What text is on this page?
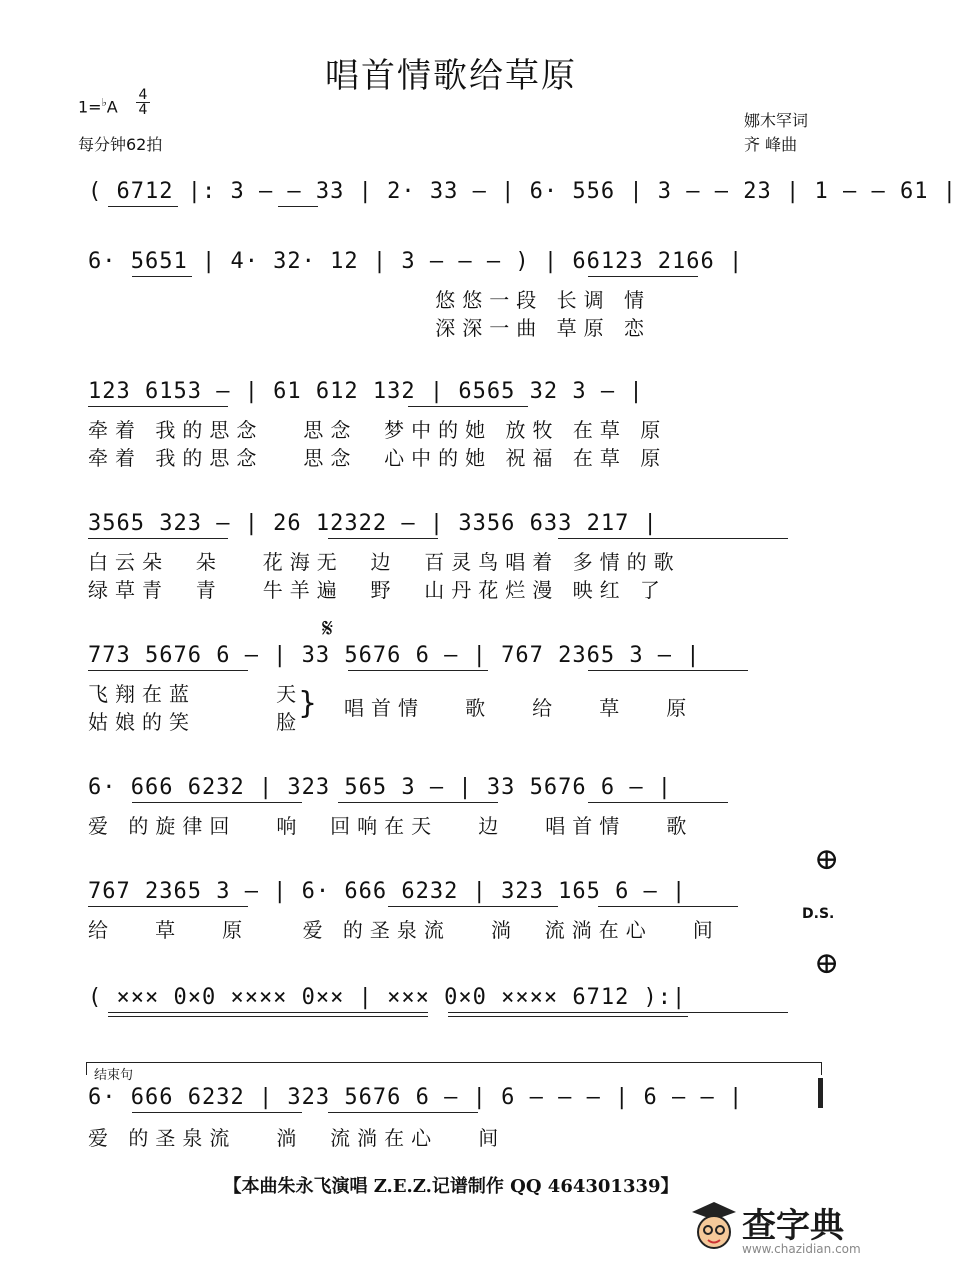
唱首情歌给草原
1=♭A
4
4
每分钟62拍
娜木罕词
齐 峰曲
( 6712 |: 3 — — 33 | 2· 33 — | 6· 556 | 3 — — 23 | 1 — — 61 |
6· 5651 | 4· 32· 12 | 3 — — — ) | 66123 2166 |
悠悠一段 长调 情
深深一曲 草原 恋
123 6153 — | 61 612 132 | 6565 32 3 — |
牵着 我的思念   思念  梦中的她 放牧 在草 原
牵着 我的思念   思念  心中的她 祝福 在草 原
3565 323 — | 26 12322 — | 3356 633 217 |
白云朵  朵   花海无  边  百灵鸟唱着 多情的歌
绿草青  青   牛羊遍  野  山丹花烂漫 映红 了
𝄋
773 5676 6 — | 33 5676 6 — | 767 2365 3 — |
飞翔在蓝      天
姑娘的笑      脸
} 唱首情   歌   给   草   原
6· 666 6232 | 323 565 3 — | 33 5676 6 — |
爱 的旋律回   响  回响在天   边   唱首情   歌
⊕
767 2365 3 — | 6· 666 6232 | 323 165 6 — |
给   草   原    爱 的圣泉流   淌  流淌在心   间
D.S.
⊕
( ××× 0×0 ×××× 0×× | ××× 0×0 ×××× 6712 ):|
结束句
6· 666 6232 | 323 5676 6 — | 6 — — — | 6 — — |
爱 的圣泉流   淌  流淌在心   间
【本曲朱永飞演唱 Z.E.Z.记谱制作 QQ 464301339】
查字典
www.chazidian.com
